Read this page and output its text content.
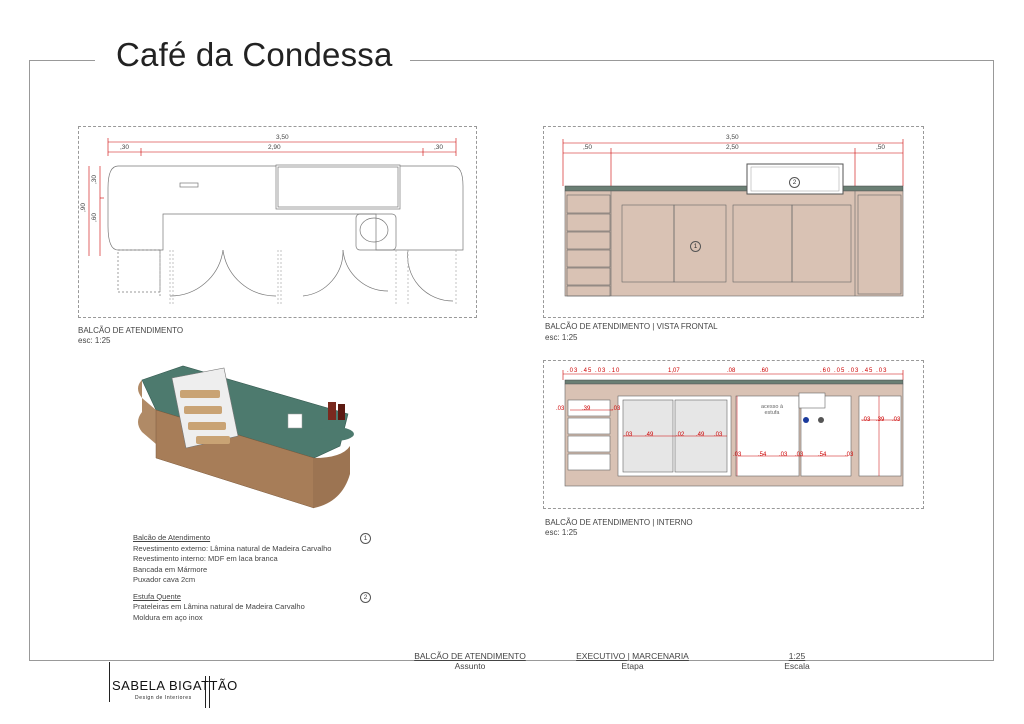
Café da Condessa
3,50
2,90
,30	,30
,30
,60
,90
BALCÃO DE ATENDIMENTO
esc: 1:25
3,50
2,50
,50	,50
1
2
BALCÃO DE ATENDIMENTO | VISTA FRONTAL
esc: 1:25
.03 .45 .03 .10	1,07	.08	.60	.60 .05 .03 .45 .03
.03	.39	.03
.03 .49	.02 .49 .03
.03	.54 .03 .03 .54	.03
.03 .39 .03
acesso à estufa
BALCÃO DE ATENDIMENTO | INTERNO
esc: 1:25
Balcão de Atendimento	1
Revestimento externo: Lâmina natural de Madeira Carvalho
Revestimento interno: MDF em laca branca
Bancada em Mármore
Puxador cava 2cm
Estufa Quente	2
Prateleiras em Lâmina natural de Madeira Carvalho
Moldura em aço inox
BALCÃO DE ATENDIMENTO
Assunto
EXECUTIVO | MARCENARIA
Etapa
1:25
Escala
SABELA BIGATTÃO
Design de Interiores
